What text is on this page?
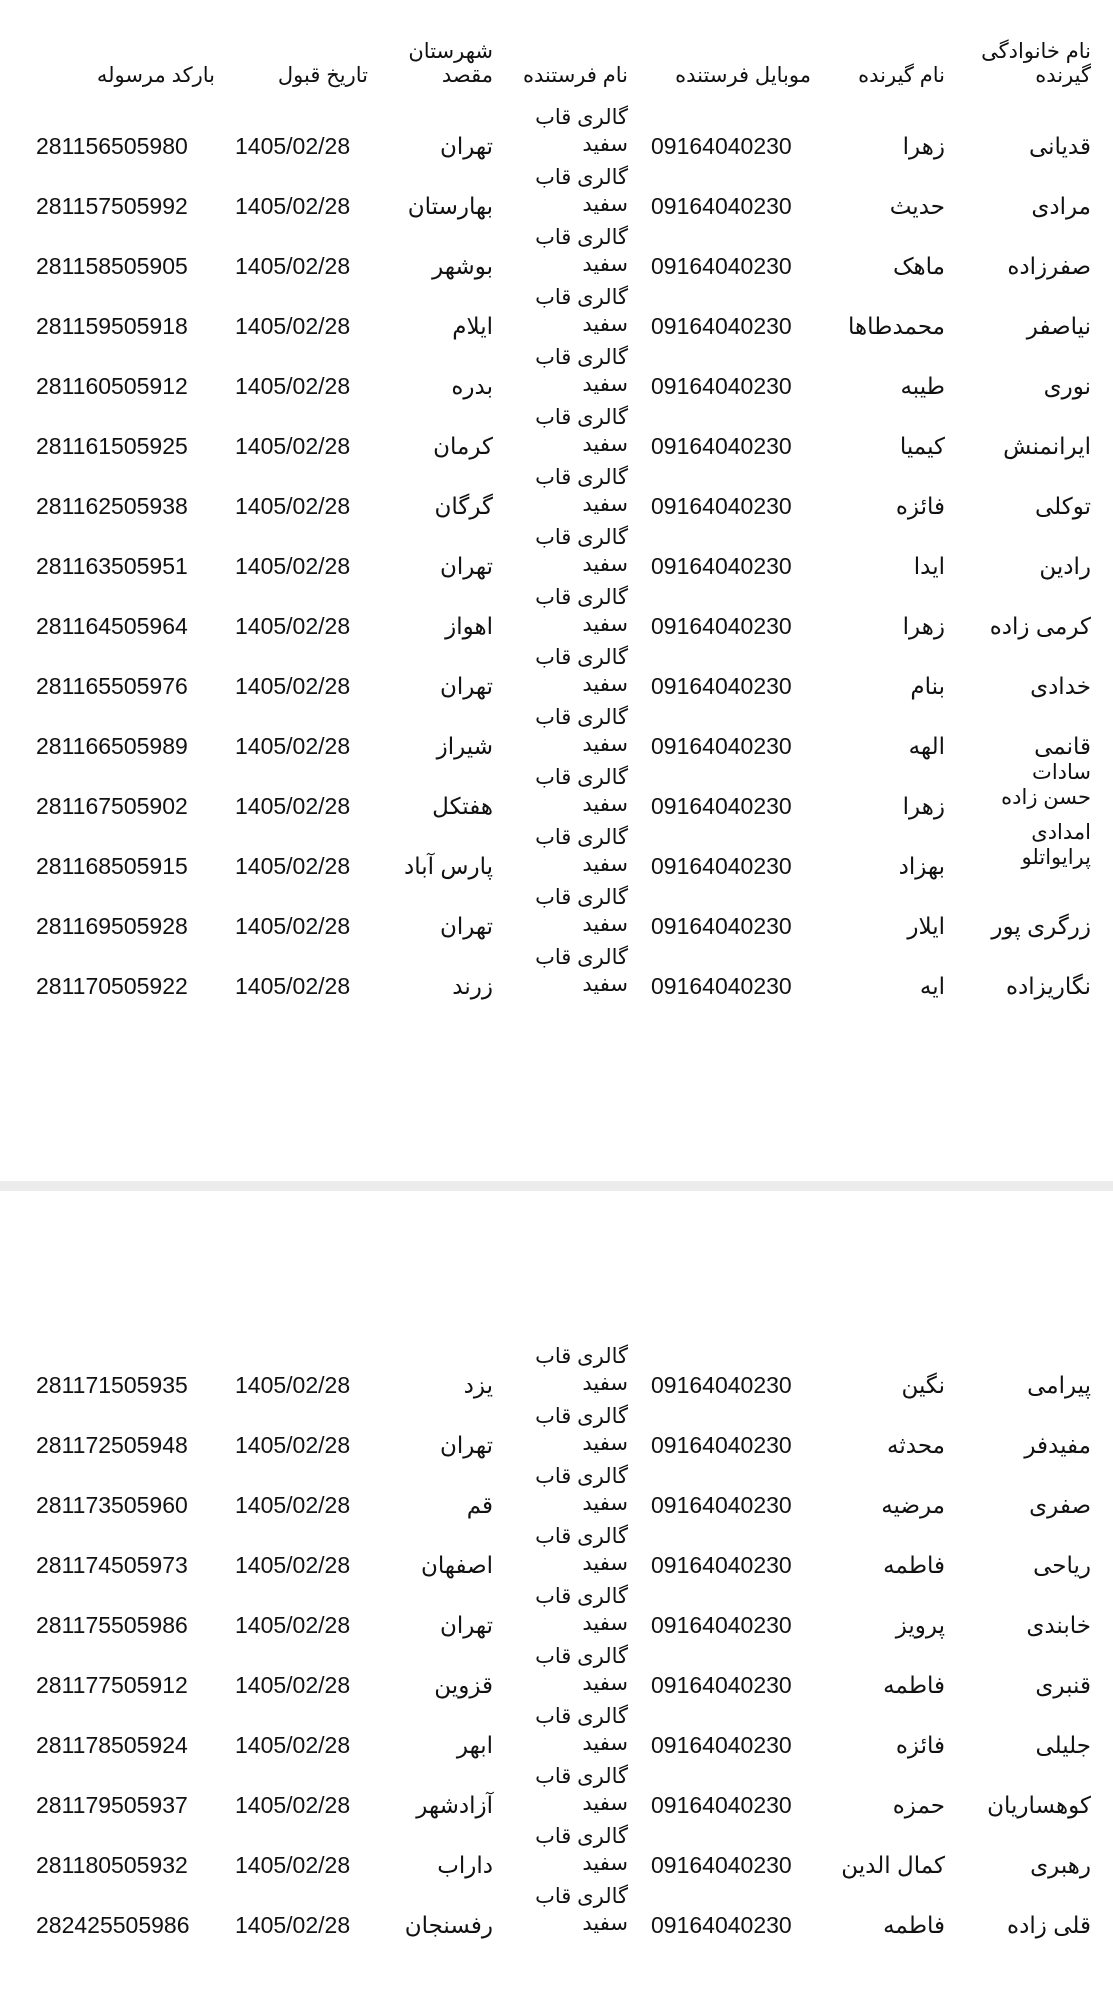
نام خانوادگی
گیرنده
نام گیرنده
موبایل فرستنده
نام فرستنده
شهرستان
مقصد
تاریخ قبول
بارکد مرسوله
قدیانی
زهرا
09164040230
گالری قاب
سفید
تهران
1405/02/28
281156505980
مرادی
حدیث
09164040230
گالری قاب
سفید
بهارستان
1405/02/28
281157505992
صفرزاده
ماهک
09164040230
گالری قاب
سفید
بوشهر
1405/02/28
281158505905
نیاصفر
محمدطاها
09164040230
گالری قاب
سفید
ایلام
1405/02/28
281159505918
نوری
طیبه
09164040230
گالری قاب
سفید
بدره
1405/02/28
281160505912
ایرانمنش
کیمیا
09164040230
گالری قاب
سفید
کرمان
1405/02/28
281161505925
توکلی
فائزه
09164040230
گالری قاب
سفید
گرگان
1405/02/28
281162505938
رادین
ایدا
09164040230
گالری قاب
سفید
تهران
1405/02/28
281163505951
کرمی زاده
زهرا
09164040230
گالری قاب
سفید
اهواز
1405/02/28
281164505964
خدادی
بنام
09164040230
گالری قاب
سفید
تهران
1405/02/28
281165505976
قانمی
الهه
09164040230
گالری قاب
سفید
شیراز
1405/02/28
281166505989
سادات حسن زاده
زهرا
09164040230
گالری قاب
سفید
هفتکل
1405/02/28
281167505902
امدادی پرایواتلو
بهزاد
09164040230
گالری قاب
سفید
پارس آباد
1405/02/28
281168505915
زرگری پور
ایلار
09164040230
گالری قاب
سفید
تهران
1405/02/28
281169505928
نگاریزاده
ایه
09164040230
گالری قاب
سفید
زرند
1405/02/28
281170505922
پیرامی
نگین
09164040230
گالری قاب
سفید
یزد
1405/02/28
281171505935
مفیدفر
محدثه
09164040230
گالری قاب
سفید
تهران
1405/02/28
281172505948
صفری
مرضیه
09164040230
گالری قاب
سفید
قم
1405/02/28
281173505960
ریاحی
فاطمه
09164040230
گالری قاب
سفید
اصفهان
1405/02/28
281174505973
خابندی
پرویز
09164040230
گالری قاب
سفید
تهران
1405/02/28
281175505986
قنبری
فاطمه
09164040230
گالری قاب
سفید
قزوین
1405/02/28
281177505912
جلیلی
فائزه
09164040230
گالری قاب
سفید
ابهر
1405/02/28
281178505924
کوهساریان
حمزه
09164040230
گالری قاب
سفید
آزادشهر
1405/02/28
281179505937
رهبری
کمال الدین
09164040230
گالری قاب
سفید
داراب
1405/02/28
281180505932
قلی زاده
فاطمه
09164040230
گالری قاب
سفید
رفسنجان
1405/02/28
282425505986
